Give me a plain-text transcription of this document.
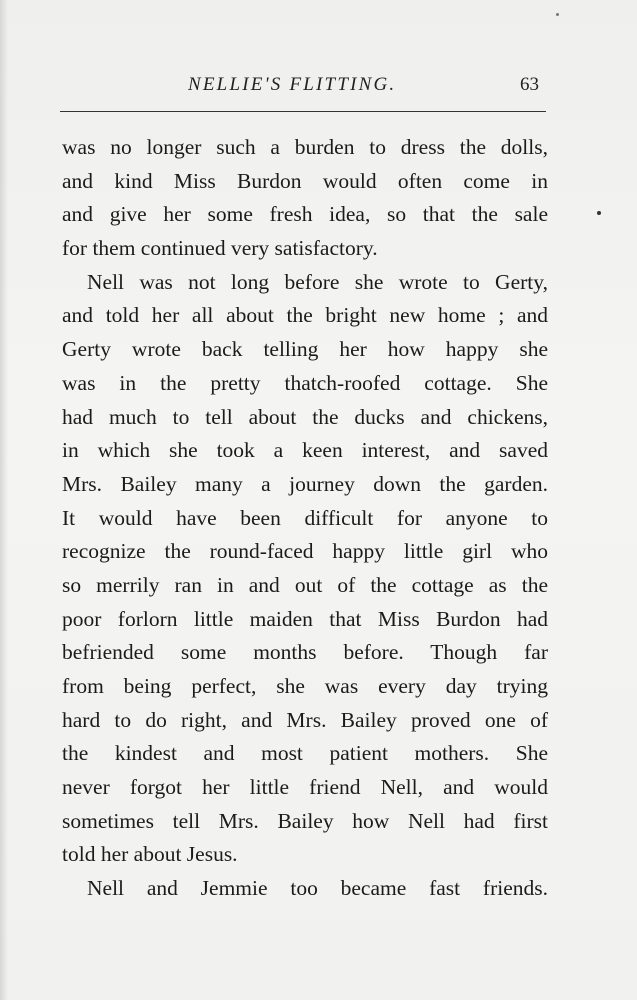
NELLIE'S FLITTING.	63
was no longer such a burden to dress the dolls,
and kind Miss Burdon would often come in
and give her some fresh idea, so that the sale
for them continued very satisfactory.
Nell was not long before she wrote to Gerty,
and told her all about the bright new home ; and
Gerty wrote back telling her how happy she
was in the pretty thatch-roofed cottage. She
had much to tell about the ducks and chickens,
in which she took a keen interest, and saved
Mrs. Bailey many a journey down the garden.
It would have been difficult for anyone to
recognize the round-faced happy little girl who
so merrily ran in and out of the cottage as the
poor forlorn little maiden that Miss Burdon had
befriended some months before. Though far
from being perfect, she was every day trying
hard to do right, and Mrs. Bailey proved one of
the kindest and most patient mothers. She
never forgot her little friend Nell, and would
sometimes tell Mrs. Bailey how Nell had first
told her about Jesus.
Nell and Jemmie too became fast friends.
